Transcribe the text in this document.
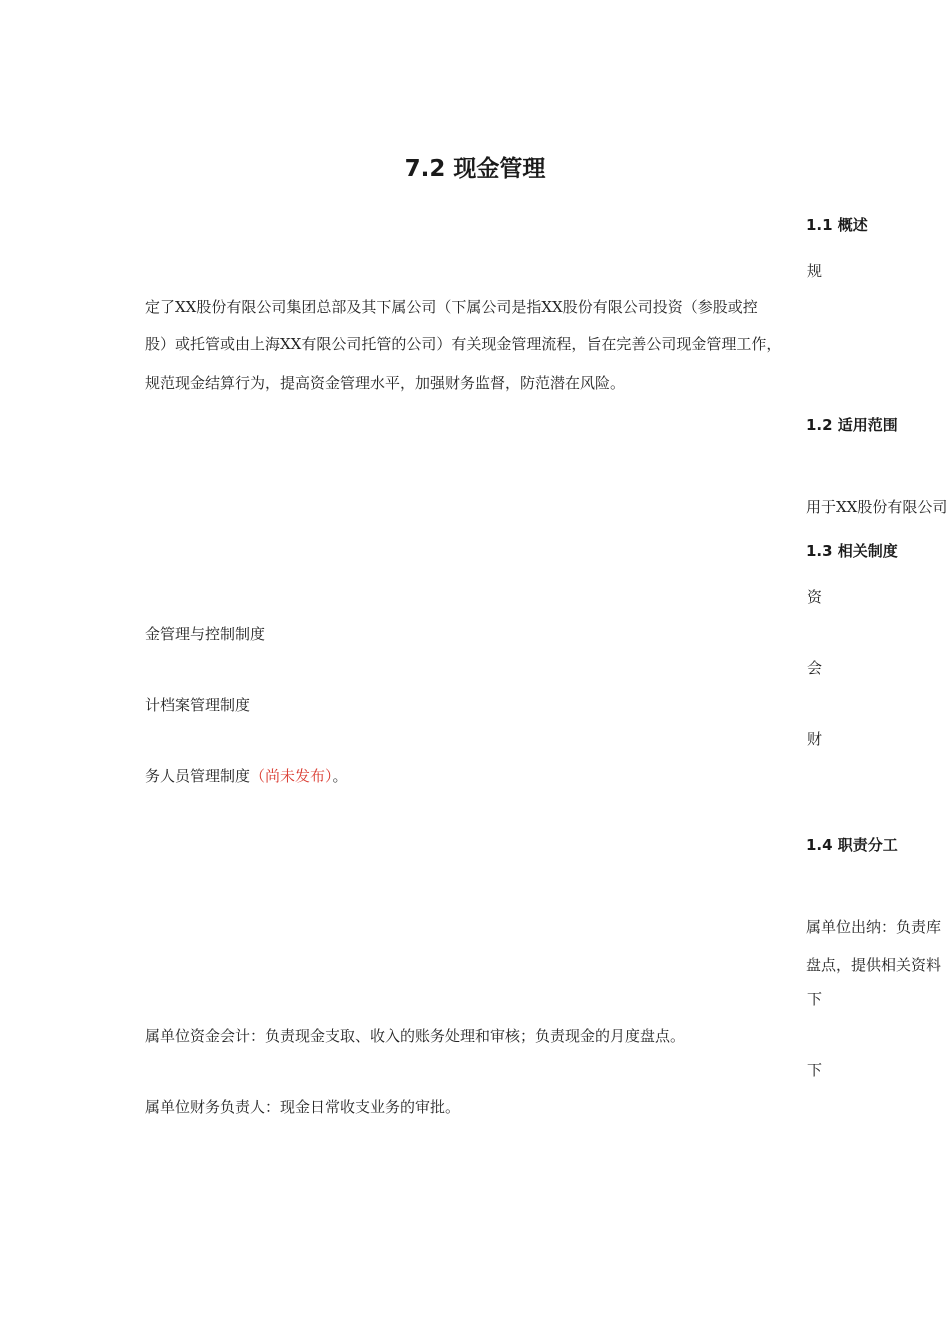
7.2 现金管理
1.1 概述
规
定了XX股份有限公司集团总部及其下属公司（下属公司是指XX股份有限公司投资（参股或控
股）或托管或由上海XX有限公司托管的公司）有关现金管理流程，旨在完善公司现金管理工作，
规范现金结算行为，提高资金管理水平，加强财务监督，防范潜在风险。
1.2 适用范围
用于XX股份有限公司
1.3 相关制度
资
金管理与控制制度
会
计档案管理制度
财
务人员管理制度（尚未发布）。
1.4 职责分工
属单位出纳：负责库
盘点，提供相关资料
下
属单位资金会计：负责现金支取、收入的账务处理和审核；负责现金的月度盘点。
下
属单位财务负责人：现金日常收支业务的审批。
